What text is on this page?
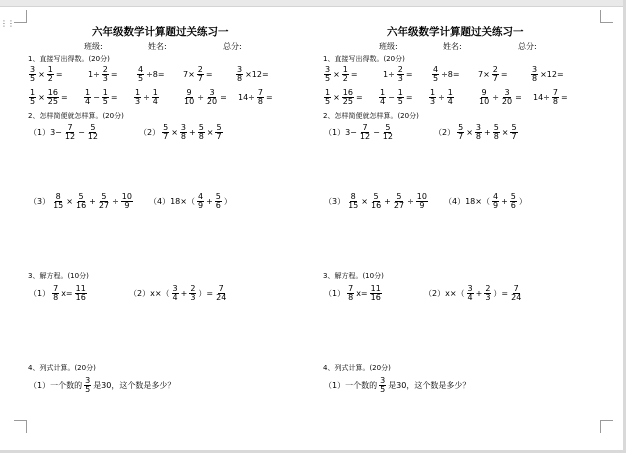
⋮⋮
六年级数学计算题过关练习一
班级:	姓名:	总分:
1、直接写出得数。(20分)
$\frac{3}{5} \times \frac{1}{2}$ =	$1\div \frac{2}{3} = \frac{4}{5} \div 8= 7\times \frac{2}{7}$ =	$\frac{3}{8} \times 12=$
$\frac{1}{5} \times \frac{16}{25} = \frac{1}{4} - \frac{1}{5} = \frac{1}{3} \div \frac{1}{4}$	$\frac{9}{10} \div \frac{3}{20} = 14\div \frac{7}{8}$ =
2、怎样简便就怎样算。(20分)
$(1)3- \frac{7}{12} - \frac{5}{12}$	$(2) \frac{5}{7} \times \frac{3}{8} + \frac{5}{8} \times \frac{5}{7}$
$(3) \frac{8}{15} \times \frac{5}{16} + \frac{5}{27} \div \frac{10}{9} (4)18\times( \frac{4}{9} + \frac{5}{6}$ ）
3、解方程。(10分)
$(1) \frac{7}{8} x= \frac{11}{16}$	$(2)x\times( \frac{3}{4} + \frac{2}{3}$ ）= $\frac{7}{24}$
4、列式计算。(20分)
（1）一个数的 $\frac{3}{5}$ 是30，这个数是多少？
六年级数学计算题过关练习一
班级:	姓名:	总分:
1、直接写出得数。(20分)
$\frac{3}{5} \times \frac{1}{2}$ =	$1\div \frac{2}{3} = \frac{4}{5} \div 8= 7\times \frac{2}{7}$ =	$\frac{3}{8} \times 12=$
$\frac{1}{5} \times \frac{16}{25} = \frac{1}{4} - \frac{1}{5} = \frac{1}{3} \div \frac{1}{4}$	$\frac{9}{10} \div \frac{3}{20} = 14\div \frac{7}{8}$ =
2、怎样简便就怎样算。(20分)
$(1)3- \frac{7}{12} - \frac{5}{12}$	$(2) \frac{5}{7} \times \frac{3}{8} + \frac{5}{8} \times \frac{5}{7}$
$(3) \frac{8}{15} \times \frac{5}{16} + \frac{5}{27} \div \frac{10}{9} (4)18\times( \frac{4}{9} + \frac{5}{6}$ ）
3、解方程。(10分)
$(1) \frac{7}{8} x= \frac{11}{16}$	$(2)x\times( \frac{3}{4} + \frac{2}{3}$ ）= $\frac{7}{24}$
4、列式计算。(20分)
（1）一个数的 $\frac{3}{5}$ 是30，这个数是多少？
